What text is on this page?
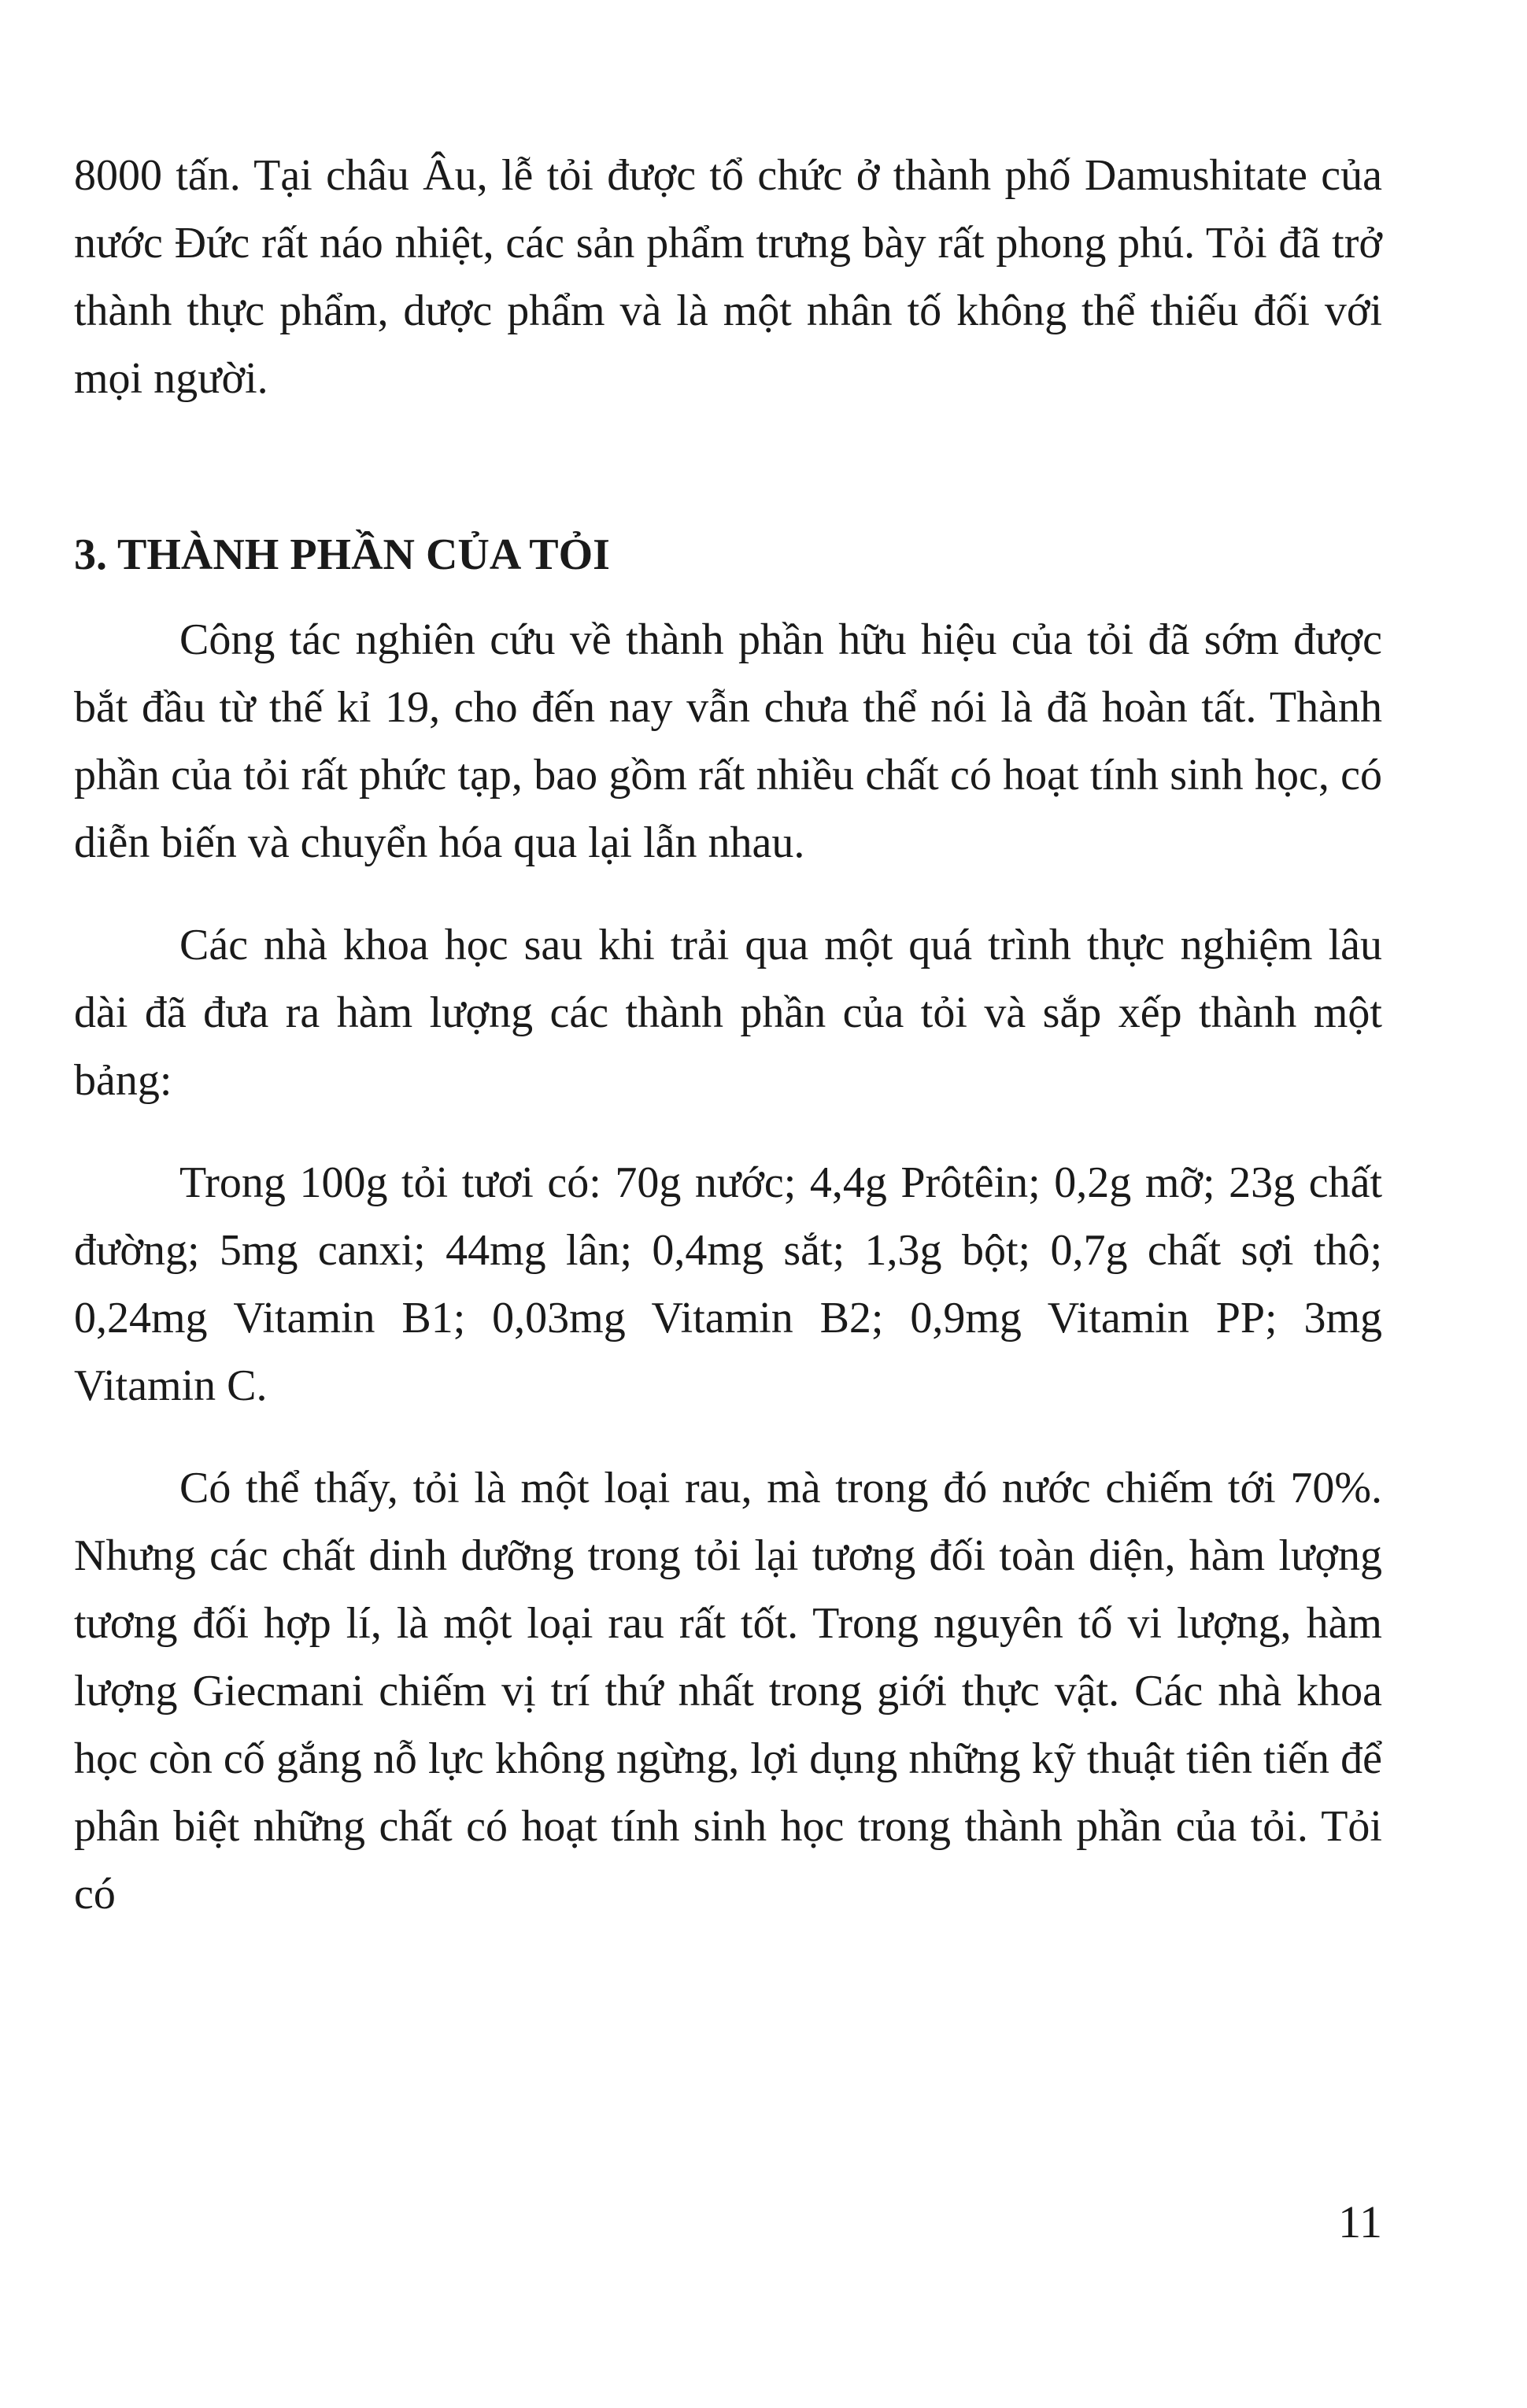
8000 tấn. Tại châu Âu, lễ tỏi được tổ chức ở thành phố Damushitate của nước Đức rất náo nhiệt, các sản phẩm trưng bày rất phong phú. Tỏi đã trở thành thực phẩm, dược phẩm và là một nhân tố không thể thiếu đối với mọi người.

3. THÀNH PHẦN CỦA TỎI

Công tác nghiên cứu về thành phần hữu hiệu của tỏi đã sớm được bắt đầu từ thế kỉ 19, cho đến nay vẫn chưa thể nói là đã hoàn tất. Thành phần của tỏi rất phức tạp, bao gồm rất nhiều chất có hoạt tính sinh học, có diễn biến và chuyển hóa qua lại lẫn nhau.

Các nhà khoa học sau khi trải qua một quá trình thực nghiệm lâu dài đã đưa ra hàm lượng các thành phần của tỏi và sắp xếp thành một bảng:

Trong 100g tỏi tươi có: 70g nước; 4,4g Prôtêin; 0,2g mỡ; 23g chất đường; 5mg canxi; 44mg lân; 0,4mg sắt; 1,3g bột; 0,7g chất sợi thô; 0,24mg Vitamin B1; 0,03mg Vitamin B2; 0,9mg Vitamin PP; 3mg Vitamin C.

Có thể thấy, tỏi là một loại rau, mà trong đó nước chiếm tới 70%. Nhưng các chất dinh dưỡng trong tỏi lại tương đối toàn diện, hàm lượng tương đối hợp lí, là một loại rau rất tốt. Trong nguyên tố vi lượng, hàm lượng Giecmani chiếm vị trí thứ nhất trong giới thực vật. Các nhà khoa học còn cố gắng nỗ lực không ngừng, lợi dụng những kỹ thuật tiên tiến để phân biệt những chất có hoạt tính sinh học trong thành phần của tỏi. Tỏi có

11
